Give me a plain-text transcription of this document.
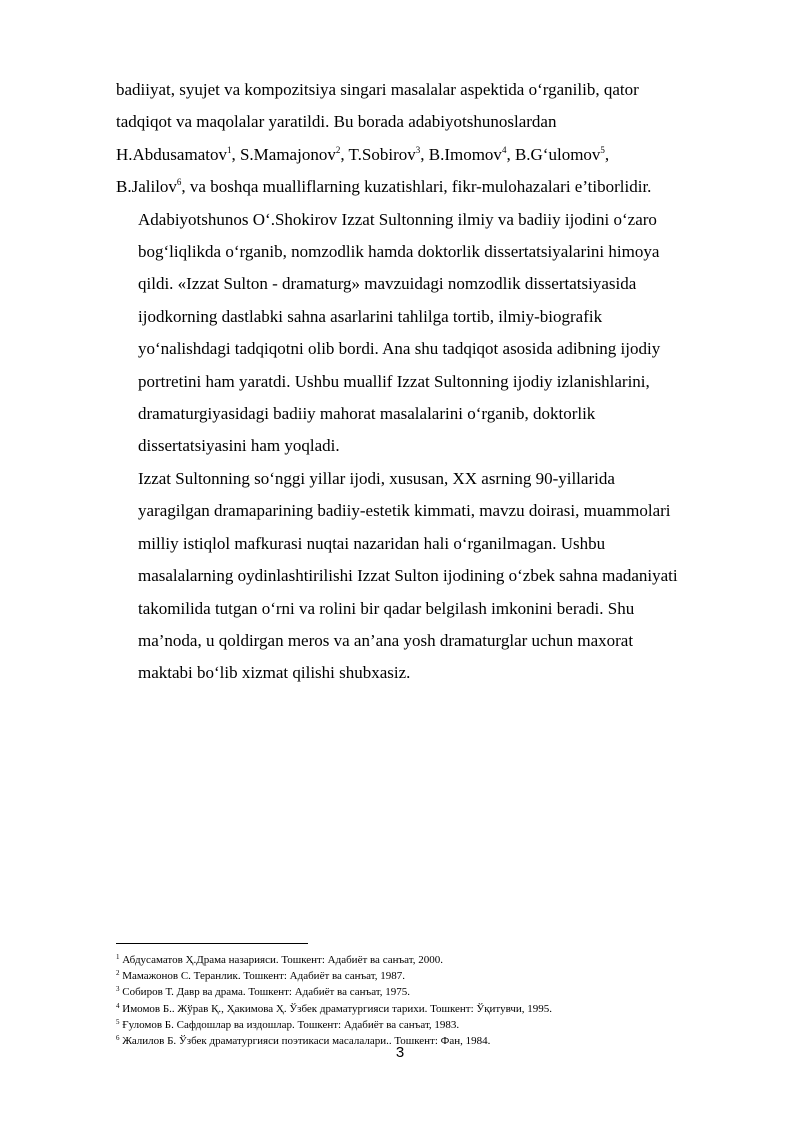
badiiyat, syujet va kompozitsiya singari masalalar aspektida o‘rganilib, qator
tadqiqot va maqolalar yaratildi. Bu borada adabiyotshunoslardan
H.Abdusamatov$^1$, S.Mamajonov$^2$, T.Sobirov$^3$, B.Imomov$^4$, B.G‘ulomov$^5$,
B.Jalilov$^6$, va boshqa mualliflarning kuzatishlari, fikr-mulohazalari e’tiborlidir.

Adabiyotshunos O‘.Shokirov Izzat Sultonning ilmiy va badiiy ijodini o‘zaro
bog‘liqlikda o‘rganib, nomzodlik hamda doktorlik dissertatsiyalarini himoya
qildi. «Izzat Sulton - dramaturg» mavzuidagi nomzodlik dissertatsiyasida
ijodkorning dastlabki sahna asarlarini tahlilga tortib, ilmiy-biografik
yo‘nalishdagi tadqiqotni olib bordi. Ana shu tadqiqot asosida adibning ijodiy
portretini ham yaratdi. Ushbu muallif Izzat Sultonning ijodiy izlanishlarini,
dramaturgiyasidagi badiiy mahorat masalalarini o‘rganib, doktorlik
dissertatsiyasini ham yoqladi.

Izzat Sultonning so‘nggi yillar ijodi, xususan, XX asrning 90-yillarida
yaragilgan dramaparining badiiy-estetik kimmati, mavzu doirasi, muammolari
milliy istiqlol mafkurasi nuqtai nazaridan hali o‘rganilmagan. Ushbu
masalalarning oydinlashtirilishi Izzat Sulton ijodining o‘zbek sahna madaniyati
takomilida tutgan o‘rni va rolini bir qadar belgilash imkonini beradi. Shu
ma’noda, u qoldirgan meros va an’ana yosh dramaturglar uchun maxorat
maktabi bo‘lib xizmat qilishi shubxasiz.

$^1$ Абдусаматов Ҳ.Драма назарияси. Тошкент: Адабиёт ва санъат, 2000.
$^2$ Мамажонов С. Теранлик. Тошкент: Адабиёт ва санъат, 1987.
$^3$ Собиров Т. Давр ва драма. Тошкент: Адабиёт ва санъат, 1975.
$^4$ Имомов Б.. Жўрав Қ., Ҳакимова Ҳ. Ўзбек драматургияси тарихи. Тошкент: Ўқитувчи, 1995.
$^5$ Ғуломов Б. Сафдошлар ва издошлар. Тошкент: Адабиёт ва санъат, 1983.
$^6$ Жалилов Б. Ўзбек драматургияси поэтикаси масалалари.. Тошкент: Фан, 1984.
3
